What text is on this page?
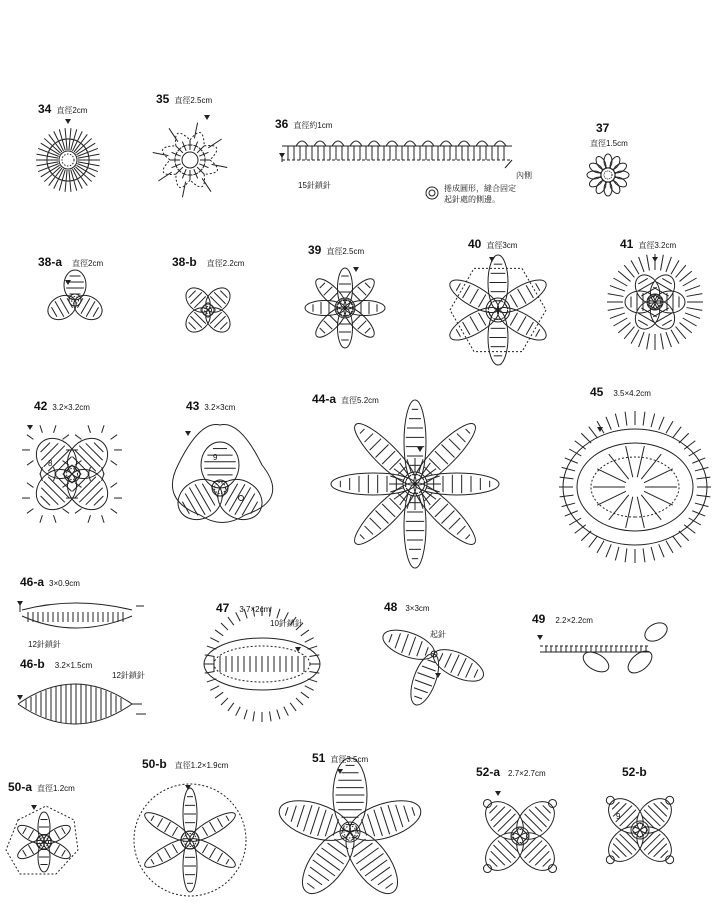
34 直徑2cm
35 直徑2.5cm
36 直徑約1cm	37
直徑1.5cm
38-a 直徑2cm	38-b 直徑2.2cm
39 直徑2.5cm
40 直徑3cm	41 直徑3.2cm
42 3.2×3.2cm	43 3.2×3cm
44-a 直徑5.2cm
45 3.5×4.2cm
46-a 3×0.9cm
46-b 3.2×1.5cm
47 3.7×2cm	48 3×3cm
49 2.2×2.2cm
50-a 直徑1.2cm
50-b 直徑1.2×1.9cm
51 直徑3.5cm
52-a 2.7×2.7cm	52-b
15針鎖針
內側
捲成圓形，縫合固定
起針處的側邊。
12針鎖針
12針鎖針
10針鎖針
起針
8
9
9
